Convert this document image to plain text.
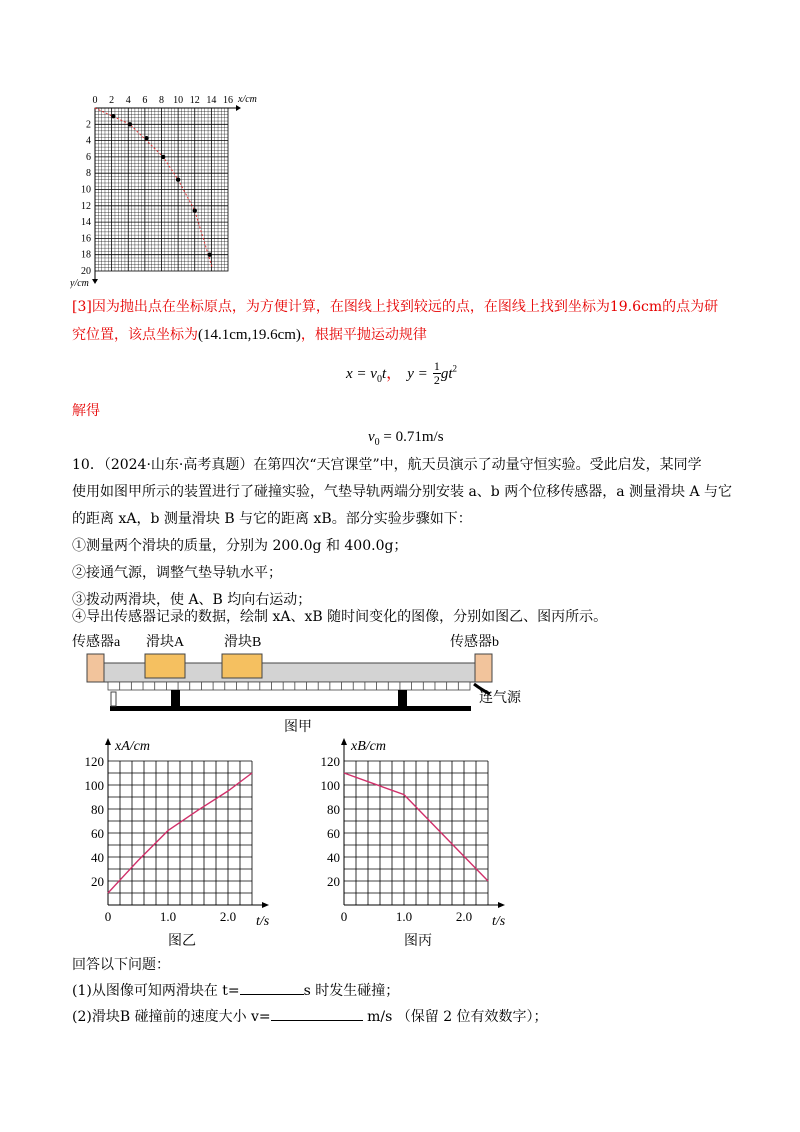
0 2 4 6 8 10 12 14 16
2
4
6
8
10
12
14
16
18
20
x/cm
y/cm
[3]因为抛出点在坐标原点，为方便计算，在图线上找到较远的点，在图线上找到坐标为19.6cm的点为研
究位置，该点坐标为(14.1cm,19.6cm)，根据平抛运动规律
$x = v_0t$， $y = \frac{1}{2} gt^2$
解得
$v_0 = 0.71m/s$
10．（2024·山东·高考真题）在第四次“天宫课堂”中，航天员演示了动量守恒实验。受此启发，某同学
使用如图甲所示的装置进行了碰撞实验，气垫导轨两端分别安装 a、b 两个位移传感器，a 测量滑块 A 与它
的距离 xA，b 测量滑块 B 与它的距离 xB。部分实验步骤如下：
①测量两个滑块的质量，分别为 200.0g 和 400.0g；
②接通气源，调整气垫导轨水平；
③拨动两滑块，使 A、B 均向右运动；
④导出传感器记录的数据，绘制 xA、xB 随时间变化的图像，分别如图乙、图丙所示。
传感器a 滑块A	滑块B	传感器b
连气源
图甲
20
40
60
80
100
120
0	1.0	2.0
xA/cm
t/s
图乙
20
40
60
80
100
120
0	1.0	2.0
xB/cm
t/s
图丙
回答以下问题：
(1)从图像可知两滑块在 t=	s 时发生碰撞；
(2)滑块B 碰撞前的速度大小 v=	m/s （保留 2 位有效数字）；
